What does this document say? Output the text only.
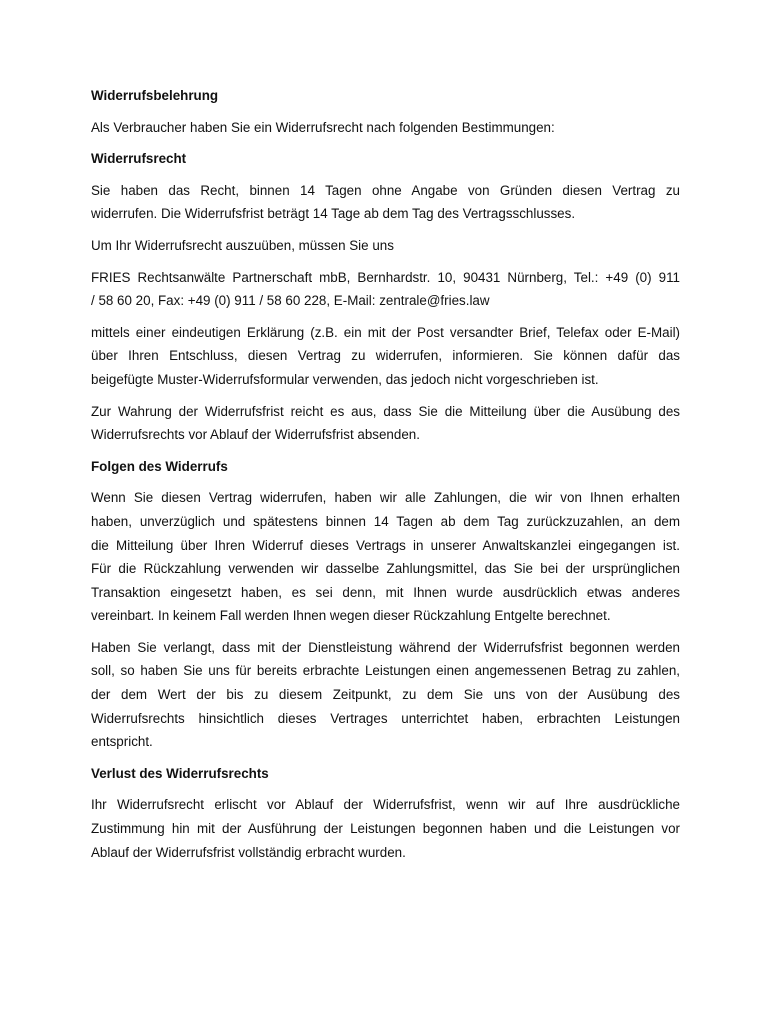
Widerrufsbelehrung

Als Verbraucher haben Sie ein Widerrufsrecht nach folgenden Bestimmungen:

Widerrufsrecht

Sie haben das Recht, binnen 14 Tagen ohne Angabe von Gründen diesen Vertrag zu
widerrufen. Die Widerrufsfrist beträgt 14 Tage ab dem Tag des Vertragsschlusses.

Um Ihr Widerrufsrecht auszuüben, müssen Sie uns

FRIES Rechtsanwälte Partnerschaft mbB, Bernhardstr. 10, 90431 Nürnberg, Tel.: +49 (0) 911
/ 58 60 20, Fax: +49 (0) 911 / 58 60 228, E-Mail: zentrale@fries.law

mittels einer eindeutigen Erklärung (z.B. ein mit der Post versandter Brief, Telefax oder E-Mail)
über Ihren Entschluss, diesen Vertrag zu widerrufen, informieren. Sie können dafür das
beigefügte Muster-Widerrufsformular verwenden, das jedoch nicht vorgeschrieben ist.

Zur Wahrung der Widerrufsfrist reicht es aus, dass Sie die Mitteilung über die Ausübung des
Widerrufsrechts vor Ablauf der Widerrufsfrist absenden.

Folgen des Widerrufs

Wenn Sie diesen Vertrag widerrufen, haben wir alle Zahlungen, die wir von Ihnen erhalten
haben, unverzüglich und spätestens binnen 14 Tagen ab dem Tag zurückzuzahlen, an dem
die Mitteilung über Ihren Widerruf dieses Vertrags in unserer Anwaltskanzlei eingegangen ist.
Für die Rückzahlung verwenden wir dasselbe Zahlungsmittel, das Sie bei der ursprünglichen
Transaktion eingesetzt haben, es sei denn, mit Ihnen wurde ausdrücklich etwas anderes
vereinbart. In keinem Fall werden Ihnen wegen dieser Rückzahlung Entgelte berechnet.

Haben Sie verlangt, dass mit der Dienstleistung während der Widerrufsfrist begonnen werden
soll, so haben Sie uns für bereits erbrachte Leistungen einen angemessenen Betrag zu zahlen,
der dem Wert der bis zu diesem Zeitpunkt, zu dem Sie uns von der Ausübung des
Widerrufsrechts hinsichtlich dieses Vertrages unterrichtet haben, erbrachten Leistungen
entspricht.

Verlust des Widerrufsrechts

Ihr Widerrufsrecht erlischt vor Ablauf der Widerrufsfrist, wenn wir auf Ihre ausdrückliche
Zustimmung hin mit der Ausführung der Leistungen begonnen haben und die Leistungen vor
Ablauf der Widerrufsfrist vollständig erbracht wurden.
